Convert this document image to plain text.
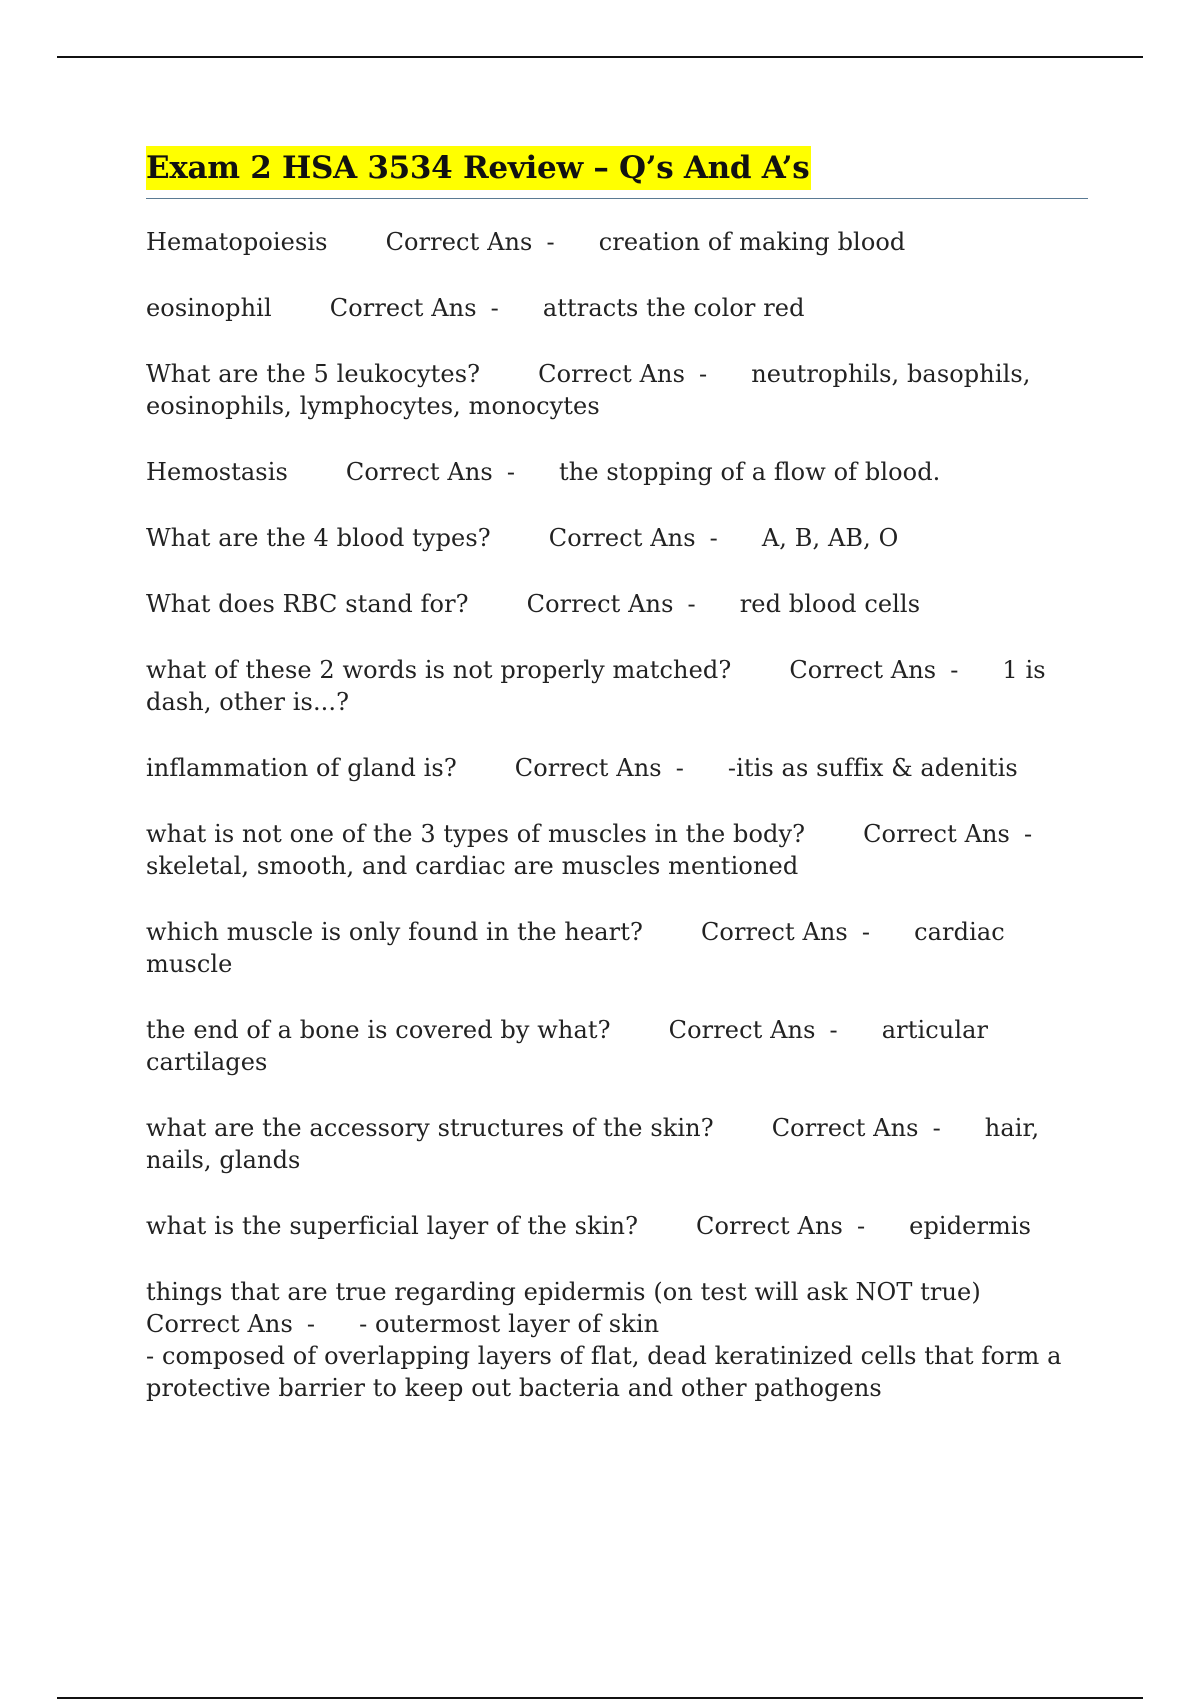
Exam 2 HSA 3534 Review – Q’s And A’s
Hematopoiesis Correct Ans - creation of making blood
eosinophil Correct Ans - attracts the color red
What are the 5 leukocytes? Correct Ans - neutrophils, basophils, eosinophils, lymphocytes, monocytes
Hemostasis Correct Ans - the stopping of a flow of blood.
What are the 4 blood types? Correct Ans - A, B, AB, O
What does RBC stand for? Correct Ans - red blood cells
what of these 2 words is not properly matched? Correct Ans - 1 is dash, other is...?
inflammation of gland is? Correct Ans - -itis as suffix & adenitis
what is not one of the 3 types of muscles in the body? Correct Ans -skeletal, smooth, and cardiac are muscles mentioned
which muscle is only found in the heart? Correct Ans - cardiac muscle
the end of a bone is covered by what? Correct Ans - articular cartilages
what are the accessory structures of the skin? Correct Ans - hair, nails, glands
what is the superficial layer of the skin? Correct Ans - epidermis
things that are true regarding epidermis (on test will ask NOT true)
Correct Ans - - outermost layer of skin
- composed of overlapping layers of flat, dead keratinized cells that form a protective barrier to keep out bacteria and other pathogens
